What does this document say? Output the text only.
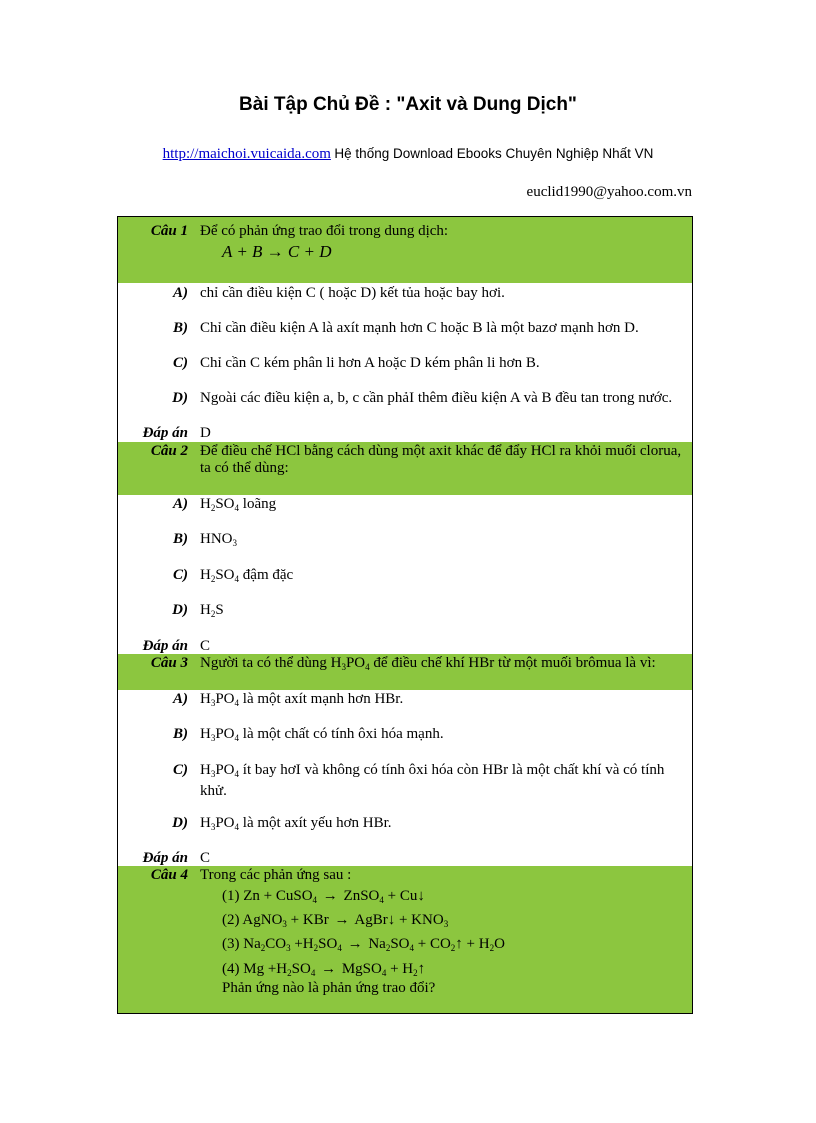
Bài Tập Chủ Đề : "Axit và Dung Dịch"
http://maichoi.vuicaida.com Hệ thống Download Ebooks Chuyên Nghiệp Nhất VN
euclid1990@yahoo.com.vn
Câu 1 Để có phản ứng trao đổi trong dung dịch:
A + B → C + D
A) chỉ cần điều kiện C ( hoặc D) kết tủa hoặc bay hơi.
B) Chỉ cần điều kiện A là axít mạnh hơn C hoặc B là một bazơ mạnh hơn D.
C) Chỉ cần C kém phân li hơn A hoặc D kém phân li hơn B.
D) Ngoài các điều kiện a, b, c cần phảI thêm điều kiện A và B đều tan trong nước.
Đáp án D
Câu 2 Để điều chế HCl bằng cách dùng một axit khác để đẩy HCl ra khỏi muối clorua, ta có thể dùng:
A) $H_2SO_4$ loãng
B) $HNO_3$
C) $H_2SO_4$ đậm đặc
D) $H_2S$
Đáp án C
Câu 3 Người ta có thể dùng $H_3PO_4$ để điều chế khí HBr từ một muối brômua là vì:
A) $H_3PO_4$ là một axít mạnh hơn HBr.
B) $H_3PO_4$ là một chất có tính ôxi hóa mạnh.
C) $H_3PO_4$ ít bay hơI và không có tính ôxi hóa còn HBr là một chất khí và có tính khử.
D) $H_3PO_4$ là một axít yếu hơn HBr.
Đáp án C
Câu 4 Trong các phản ứng sau :
(1) Zn + CuSO$_4$ → ZnSO$_4$ + Cu↓
(2) AgNO$_3$ + KBr → AgBr↓ + $KNO_3$
(3) $Na_2CO_3 +H_2SO_4 \to Na_2SO_4$ + $CO_2↑ + H_2O$
(4) $Mg +H_2SO_4$ → MgSO$_4$ + $H_2↑$
Phản ứng nào là phản ứng trao đổi?
